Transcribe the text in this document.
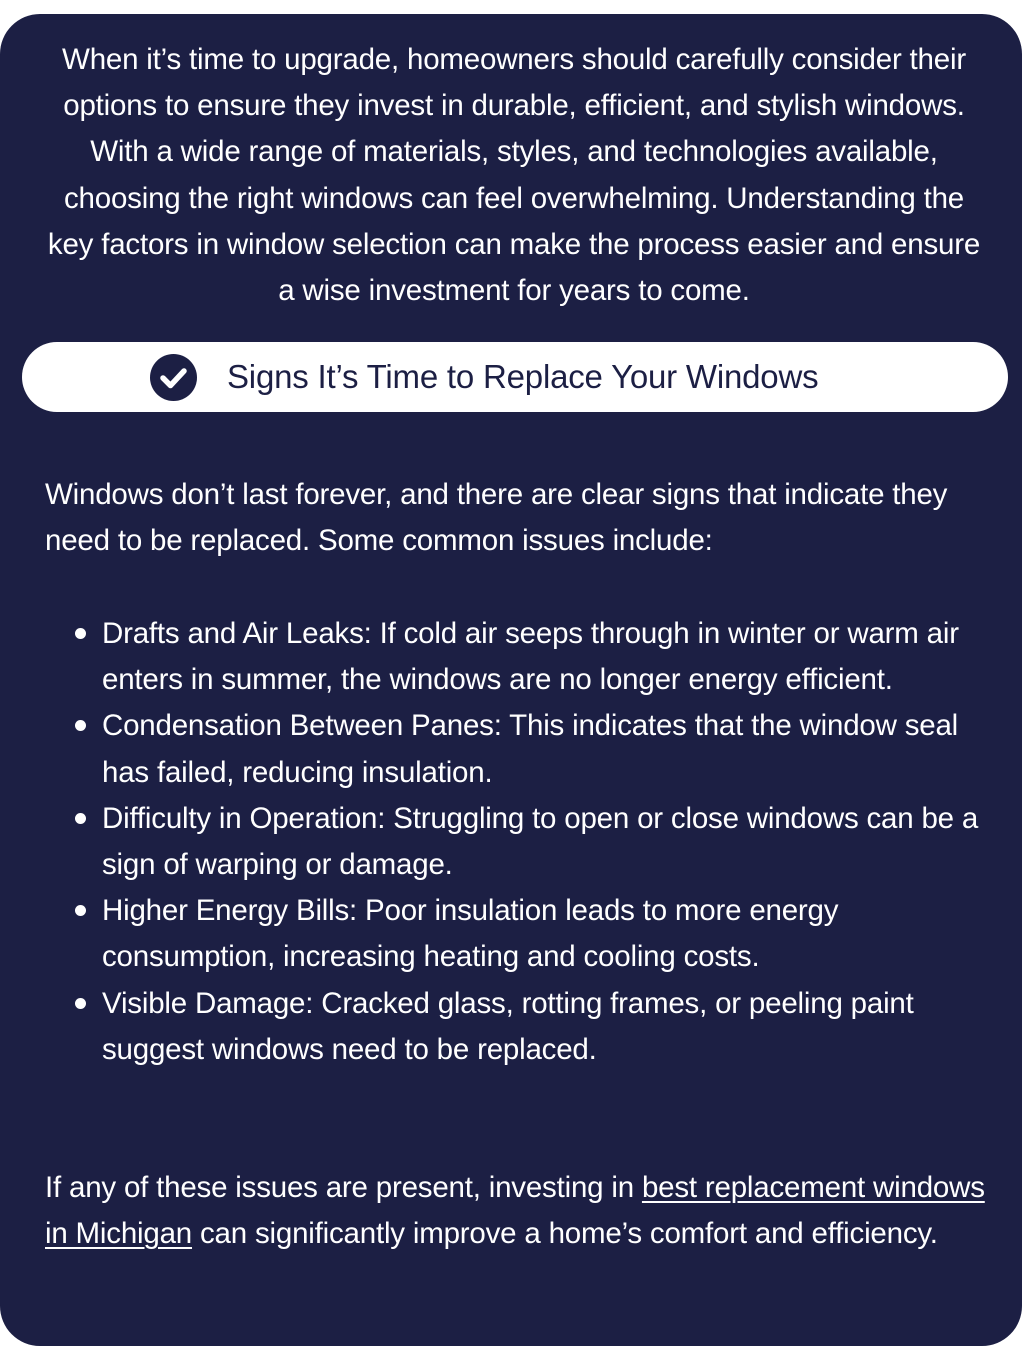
When it’s time to upgrade, homeowners should carefully consider their options to ensure they invest in durable, efficient, and stylish windows. With a wide range of materials, styles, and technologies available, choosing the right windows can feel overwhelming. Understanding the key factors in window selection can make the process easier and ensure a wise investment for years to come.

Signs It’s Time to Replace Your Windows

Windows don’t last forever, and there are clear signs that indicate they need to be replaced. Some common issues include:

Drafts and Air Leaks: If cold air seeps through in winter or warm air enters in summer, the windows are no longer energy efficient.
Condensation Between Panes: This indicates that the window seal has failed, reducing insulation.
Difficulty in Operation: Struggling to open or close windows can be a sign of warping or damage.
Higher Energy Bills: Poor insulation leads to more energy consumption, increasing heating and cooling costs.
Visible Damage: Cracked glass, rotting frames, or peeling paint suggest windows need to be replaced.

If any of these issues are present, investing in best replacement windows in Michigan can significantly improve a home’s comfort and efficiency.
